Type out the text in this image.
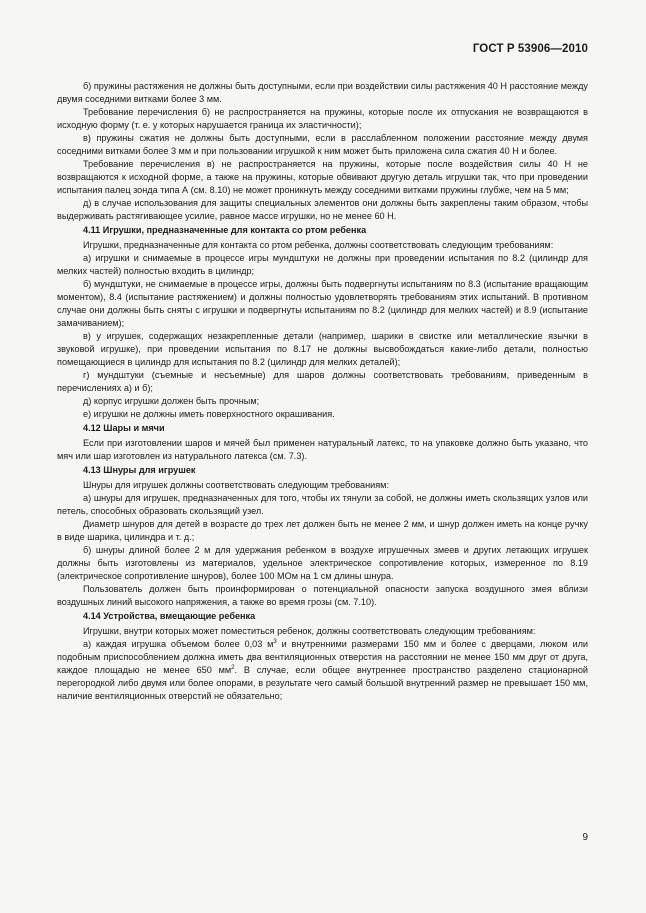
ГОСТ Р 53906—2010

б) пружины растяжения не должны быть доступными, если при воздействии силы растяжения 40 Н расстояние между двумя соседними витками более 3 мм.

Требование перечисления б) не распространяется на пружины, которые после их отпускания не возвращаются в исходную форму (т. е. у которых нарушается граница их эластичности);

в) пружины сжатия не должны быть доступными, если в расслабленном положении расстояние между двумя соседними витками более 3 мм и при пользовании игрушкой к ним может быть приложена сила сжатия 40 Н и более.

Требование перечисления в) не распространяется на пружины, которые после воздействия силы 40 Н не возвращаются к исходной форме, а также на пружины, которые обвивают другую деталь игрушки так, что при проведении испытания палец зонда типа А (см. 8.10) не может проникнуть между соседними витками пружины глубже, чем на 5 мм;

д) в случае использования для защиты специальных элементов они должны быть закреплены таким образом, чтобы выдерживать растягивающее усилие, равное массе игрушки, но не менее 60 Н.

4.11 Игрушки, предназначенные для контакта со ртом ребенка

Игрушки, предназначенные для контакта со ртом ребенка, должны соответствовать следующим требованиям:

а) игрушки и снимаемые в процессе игры мундштуки не должны при проведении испытания по 8.2 (цилиндр для мелких частей) полностью входить в цилиндр;

б) мундштуки, не снимаемые в процессе игры, должны быть подвергнуты испытаниям по 8.3 (испытание вращающим моментом), 8.4 (испытание растяжением) и должны полностью удовлетворять требованиям этих испытаний. В противном случае они должны быть сняты с игрушки и подвергнуты испытаниям по 8.2 (цилиндр для мелких частей) и 8.9 (испытание замачиванием);

в) у игрушек, содержащих незакрепленные детали (например, шарики в свистке или металлические язычки в звуковой игрушке), при проведении испытания по 8.17 не должны высвобождаться какие-либо детали, полностью помещающиеся в цилиндр для испытания по 8.2 (цилиндр для мелких деталей);

г) мундштуки (съемные и несъемные) для шаров должны соответствовать требованиям, приведенным в перечислениях а) и б);

д) корпус игрушки должен быть прочным;

е) игрушки не должны иметь поверхностного окрашивания.

4.12 Шары и мячи

Если при изготовлении шаров и мячей был применен натуральный латекс, то на упаковке должно быть указано, что мяч или шар изготовлен из натурального латекса (см. 7.3).

4.13 Шнуры для игрушек

Шнуры для игрушек должны соответствовать следующим требованиям:

а) шнуры для игрушек, предназначенных для того, чтобы их тянули за собой, не должны иметь скользящих узлов или петель, способных образовать скользящий узел.

Диаметр шнуров для детей в возрасте до трех лет должен быть не менее 2 мм, и шнур должен иметь на конце ручку в виде шарика, цилиндра и т. д.;

б) шнуры длиной более 2 м для удержания ребенком в воздухе игрушечных змеев и других летающих игрушек должны быть изготовлены из материалов, удельное электрическое сопротивление которых, измеренное по 8.19 (электрическое сопротивление шнуров), более 100 МОм на 1 см длины шнура.

Пользователь должен быть проинформирован о потенциальной опасности запуска воздушного змея вблизи воздушных линий высокого напряжения, а также во время грозы (см. 7.10).

4.14 Устройства, вмещающие ребенка

Игрушки, внутри которых может поместиться ребенок, должны соответствовать следующим требованиям:

а) каждая игрушка объемом более 0,03 $м^3$ и внутренними размерами 150 мм и более с дверцами, люком или подобным приспособлением должна иметь два вентиляционных отверстия на расстоянии не менее 150 мм друг от друга, каждое площадью не менее 650 $мм^2$. В случае, если общее внутреннее пространство разделено стационарной перегородкой либо двумя или более опорами, в результате чего самый большой внутренний размер не превышает 150 мм, наличие вентиляционных отверстий не обязательно;

9
